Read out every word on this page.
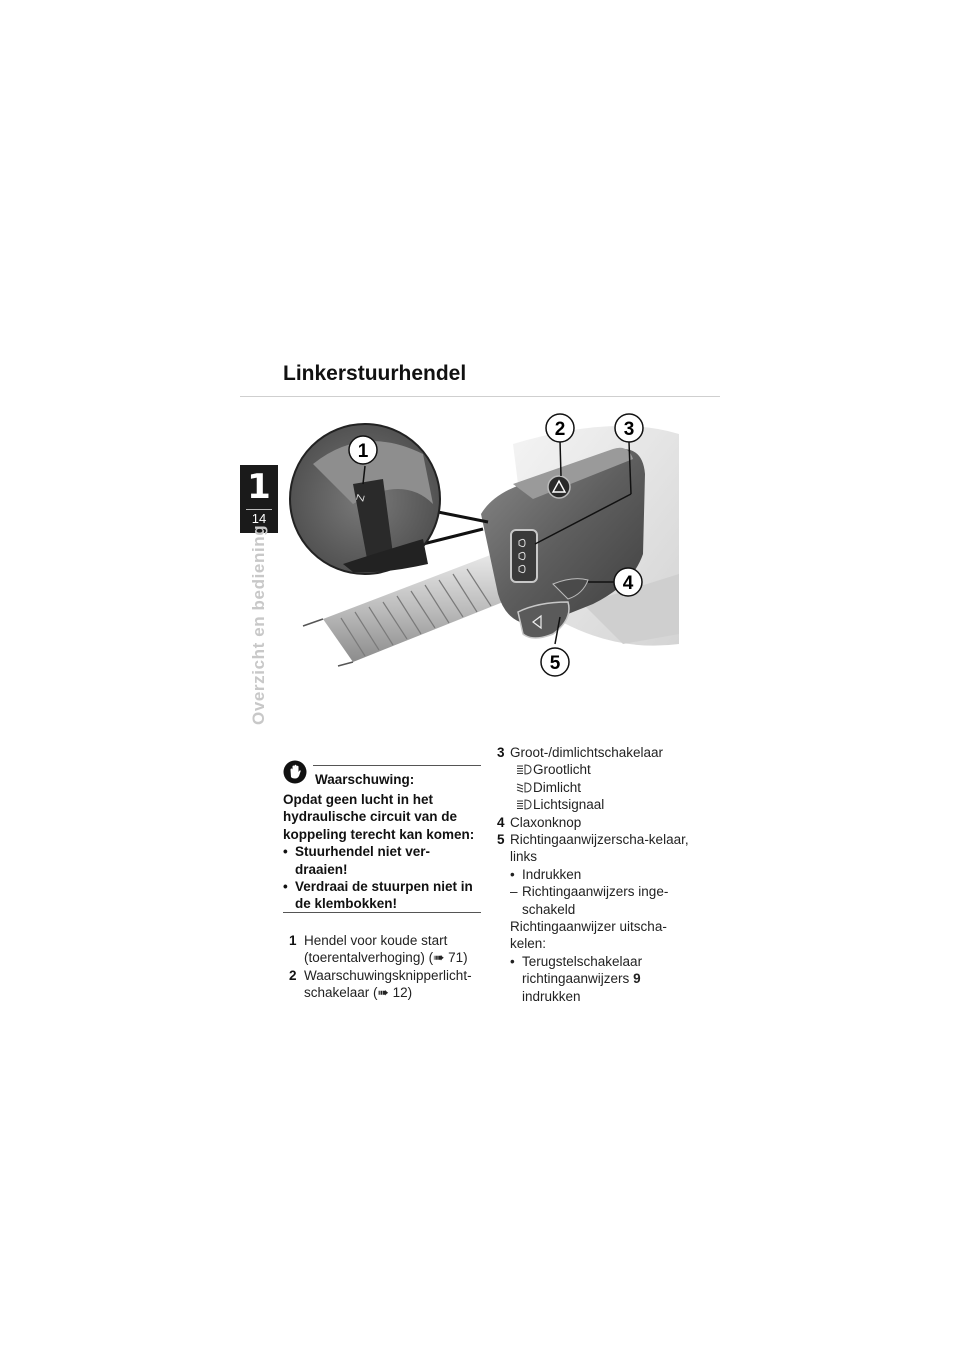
1
14
Overzicht en bediening
Linkerstuurhendel
Z
1
2	3
4
5
Waarschuwing:
Opdat geen lucht in het hydraulische circuit van de koppeling terecht kan komen:
• Stuurhendel niet ver-draaien!
• Verdraai de stuurpen niet in de klembokken!
1 Hendel voor koude start (toerentalverhoging) (➠ 71)
2 Waarschuwingsknipperlicht-schakelaar (➠ 12)
3 Groot-/dimlichtschakelaar
Grootlicht
Dimlicht
Lichtsignaal
4 Claxonknop
5 Richtingaanwijzerscha-kelaar, links
• Indrukken
– Richtingaanwijzers inge-schakeld
Richtingaanwijzer uitscha-kelen:
• Terugstelschakelaar richtingaanwijzers 9
indrukken
